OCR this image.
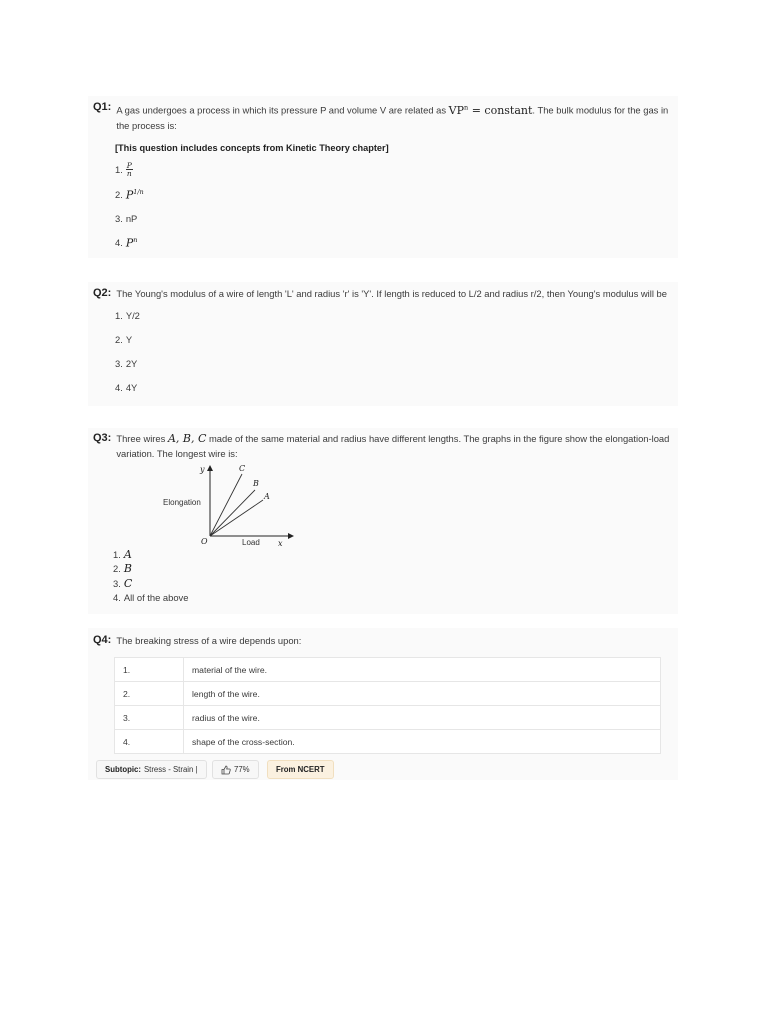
Q1: A gas undergoes a process in which its pressure P and volume V are related as $VP^n$ = constant. The bulk modulus for the gas in the process is:
[This question includes concepts from Kinetic Theory chapter]
1. $\frac{P}{n}$
2. $P^{1/n}$
3. nP
4. $P^n$
Q2: The Young's modulus of a wire of length 'L' and radius 'r' is 'Y'. If length is reduced to L/2 and radius r/2, then Young's modulus will be
1. Y/2
2. Y
3. 2Y
4. 4Y
Q3: Three wires A, B, C made of the same material and radius have different lengths. The graphs in the figure show the elongation-load variation. The longest wire is:
y
x
O
Elongation
Load
C
B
A
1. A
2. B
3. C
4. All of the above
Q4: The breaking stress of a wire depends upon:
1.	material of the wire.
2.	length of the wire.
3.	radius of the wire.
4.	shape of the cross-section.
Subtopic: Stress - Strain |	77%	From NCERT
